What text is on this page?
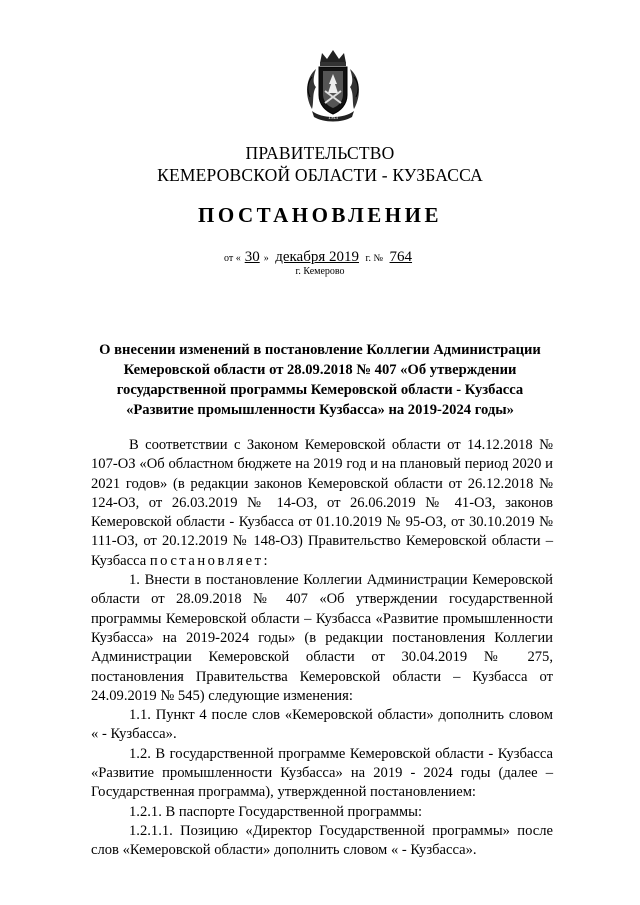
1943
ПРАВИТЕЛЬСТВО
КЕМЕРОВСКОЙ ОБЛАСТИ - КУЗБАССА
ПОСТАНОВЛЕНИЕ
от « 30 » декабря 2019 г. № 764
г. Кемерово
О внесении изменений в постановление Коллегии Администрации
Кемеровской области от 28.09.2018 № 407 «Об утверждении
государственной программы Кемеровской области - Кузбасса
«Развитие промышленности Кузбасса» на 2019-2024 годы»

В соответствии с Законом Кемеровской области от 14.12.2018 № 107-ОЗ «Об областном бюджете на 2019 год и на плановый период 2020 и 2021 годов» (в редакции законов Кемеровской области от 26.12.2018 № 124-ОЗ, от 26.03.2019 № 14-ОЗ, от 26.06.2019 № 41-ОЗ, законов Кемеровской области - Кузбасса от 01.10.2019 № 95-ОЗ, от 30.10.2019 № 111-ОЗ, от 20.12.2019 № 148-ОЗ) Правительство Кемеровской области – Кузбасса постановляет:

1. Внести в постановление Коллегии Администрации Кемеровской области от 28.09.2018 № 407 «Об утверждении государственной программы Кемеровской области – Кузбасса «Развитие промышленности Кузбасса» на 2019-2024 годы» (в редакции постановления Коллегии Администрации Кемеровской области от 30.04.2019 № 275, постановления Правительства Кемеровской области – Кузбасса от 24.09.2019 № 545) следующие изменения:

1.1. Пункт 4 после слов «Кемеровской области» дополнить словом « - Кузбасса».

1.2. В государственной программе Кемеровской области - Кузбасса «Развитие промышленности Кузбасса» на 2019 - 2024 годы (далее – Государственная программа), утвержденной постановлением:

1.2.1. В паспорте Государственной программы:

1.2.1.1. Позицию «Директор Государственной программы» после слов «Кемеровской области» дополнить словом « - Кузбасса».
